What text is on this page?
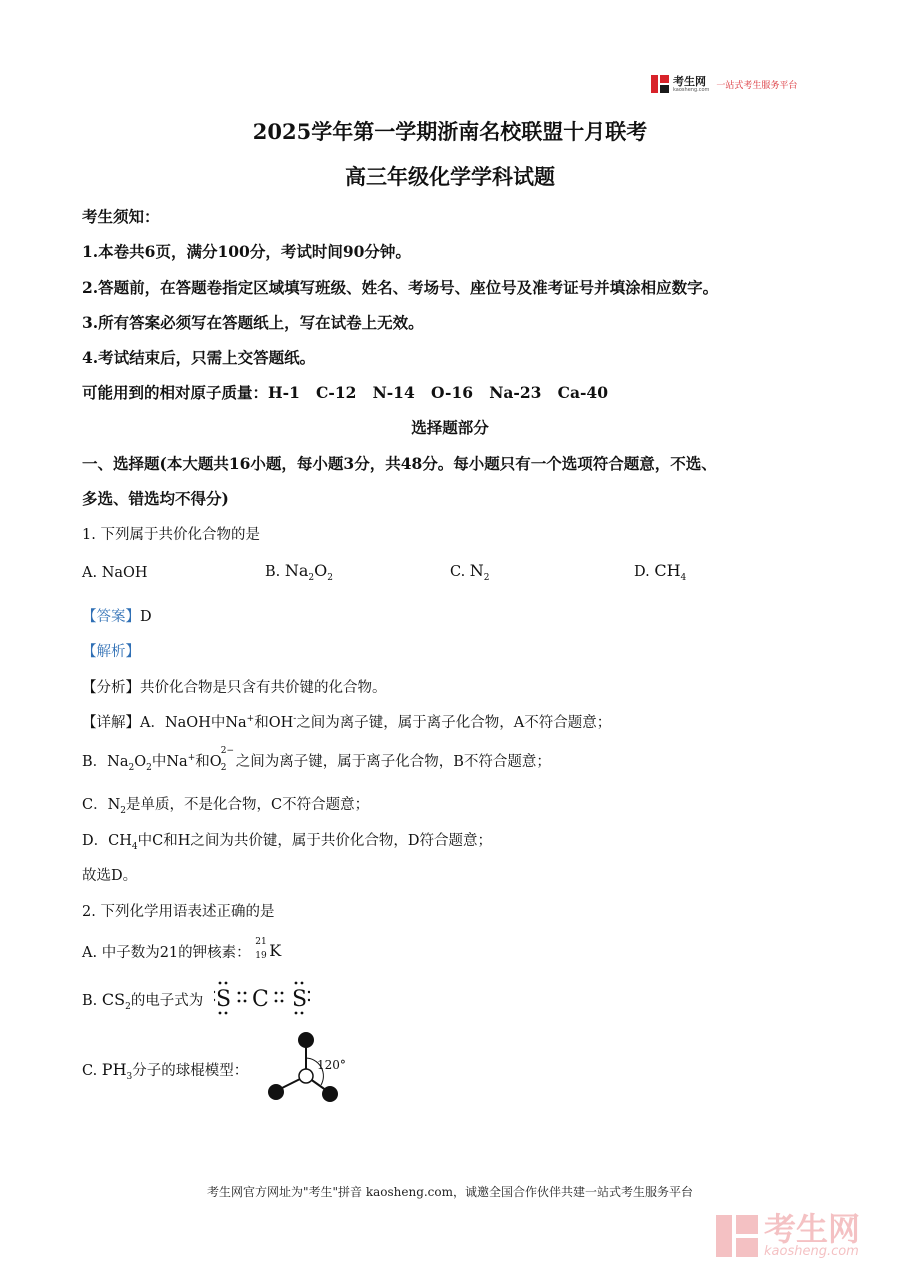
考生网
kaosheng.com 一站式考生服务平台
2025学年第一学期浙南名校联盟十月联考
高三年级化学学科试题
考生须知：
1.本卷共6页，满分100分，考试时间90分钟。
2.答题前，在答题卷指定区域填写班级、姓名、考场号、座位号及准考证号并填涂相应数字。
3.所有答案必须写在答题纸上，写在试卷上无效。
4.考试结束后，只需上交答题纸。
可能用到的相对原子质量：H-1   C-12   N-14   O-16   Na-23   Ca-40
选择题部分
一、选择题(本大题共16小题，每小题3分，共48分。每小题只有一个选项符合题意，不选、
多选、错选均不得分)
1. 下列属于共价化合物的是
A. NaOH	B. $Na_2O_2$	C. $N_2$	D. $CH_4$
【答案】D
【解析】
【分析】共价化合物是只含有共价键的化合物。
【详解】A．NaOH中Na+和OH-之间为离子键，属于离子化合物，A不符合题意；
B．$Na_2O_2$中Na+和O
2−
2 之间为离子键，属于离子化合物，B不符合题意；
C．$N_2$是单质，不是化合物，C不符合题意；
D．$CH_4$中C和H之间为共价键，属于共价化合物，D符合题意；
故选D。
2. 下列化学用语表述正确的是
A. 中子数为21的钾核素：
21
19 K
B. $CS_2$的电子式为 S C S
C. $PH_3$分子的球棍模型：	120°
考生网官方网址为"考生"拼音 kaosheng.com，诚邀全国合作伙伴共建一站式考生服务平台
考生网
kaosheng.com
